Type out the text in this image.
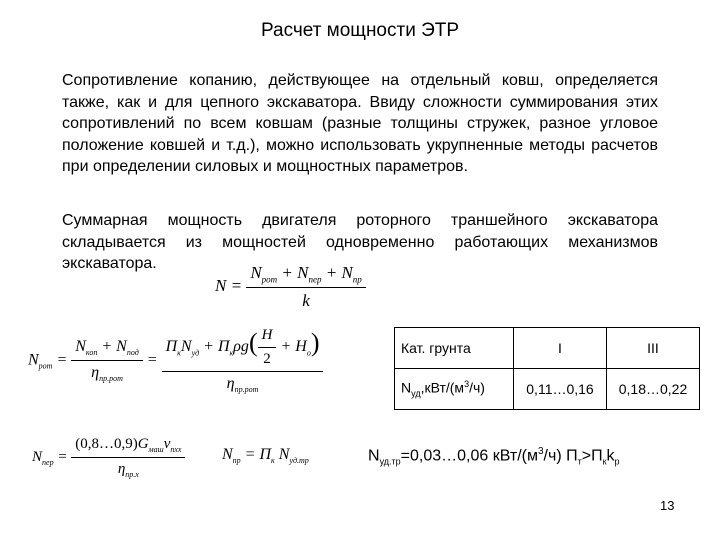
Расчет мощности ЭТР

Сопротивление копанию, действующее на отдельный ковш, определяется также, как и для цепного экскаватора. Ввиду сложности суммирования этих сопротивлений по всем ковшам (разные толщины стружек, разное угловое положение ковшей и т.д.), можно использовать укрупненные методы расчетов при определении силовых и мощностных параметров.

Суммарная мощность двигателя роторного траншейного экскаватора складывается из мощностей одновременно работающих механизмов экскаватора.

$N = \frac{N_{рот} + N_{пер} + N_{пр}}{k}$
$N_{рот} = \frac{N_{коп} + N_{под}}{\eta_{пр.рот}} = \frac{П_кN_{уд} + П_к\rho g( \frac{H}{2} + H_о)}{\eta_{пр.рот}}$
$N_{пер} = \frac{(0,8\dots 0,9)G_{маш}v_{пхх}}{\eta_{пр.х}} N_{пр} = П_к$ $N_{уд.тр}$
Кат. грунта	I	III
$N_{уд},кВт/(м^3/ч)$	0,11…0,16	0,18…0,22
$N_{уд.тр}=0,03\dots 0,06$ кВт/$(м^3/ч)$ $П_т>П_кk_р$
13
